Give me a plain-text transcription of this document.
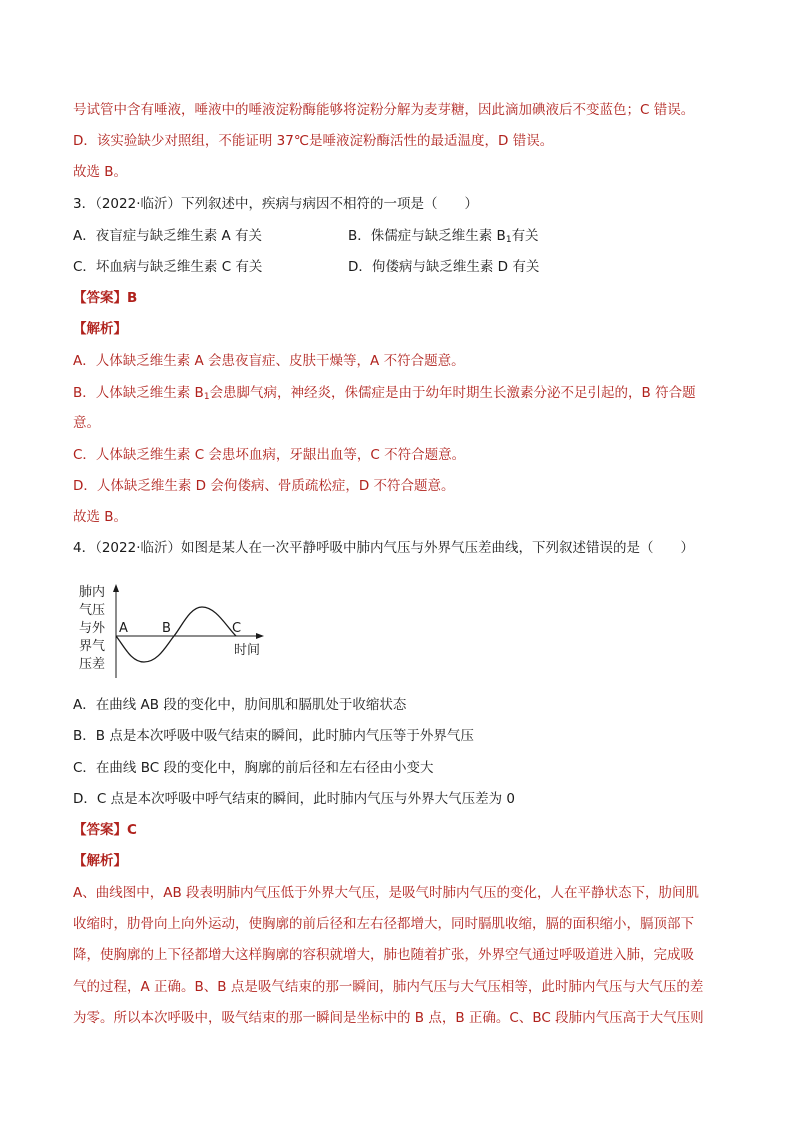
号试管中含有唾液，唾液中的唾液淀粉酶能够将淀粉分解为麦芽糖，因此滴加碘液后不变蓝色；C 错误。
D．该实验缺少对照组，不能证明 37℃是唾液淀粉酶活性的最适温度，D 错误。
故选 B。
3．（2022·临沂）下列叙述中，疾病与病因不相符的一项是（　　）
A．夜盲症与缺乏维生素 A 有关	B．侏儒症与缺乏维生素 $B_1$有关
C．坏血病与缺乏维生素 C 有关	D．佝偻病与缺乏维生素 D 有关
【答案】B
【解析】
A．人体缺乏维生素 A 会患夜盲症、皮肤干燥等，A 不符合题意。
B．人体缺乏维生素 $B_1$会患脚气病，神经炎，侏儒症是由于幼年时期生长激素分泌不足引起的，B 符合题
意。
C．人体缺乏维生素 C 会患坏血病，牙龈出血等，C 不符合题意。
D．人体缺乏维生素 D 会佝偻病、骨质疏松症，D 不符合题意。
故选 B。
4．（2022·临沂）如图是某人在一次平静呼吸中肺内气压与外界气压差曲线，下列叙述错误的是（　　）
肺内
气压
与外
界气
压差
A	B	C
时间
A．在曲线 AB 段的变化中，肋间肌和膈肌处于收缩状态
B．B 点是本次呼吸中吸气结束的瞬间，此时肺内气压等于外界气压
C．在曲线 BC 段的变化中，胸廓的前后径和左右径由小变大
D．C 点是本次呼吸中呼气结束的瞬间，此时肺内气压与外界大气压差为 0
【答案】C
【解析】
A、曲线图中，AB 段表明肺内气压低于外界大气压，是吸气时肺内气压的变化，人在平静状态下，肋间肌
收缩时，肋骨向上向外运动，使胸廓的前后径和左右径都增大，同时膈肌收缩，膈的面积缩小，膈顶部下
降，使胸廓的上下径都增大这样胸廓的容积就增大，肺也随着扩张，外界空气通过呼吸道进入肺，完成吸
气的过程，A 正确。B、B 点是吸气结束的那一瞬间，肺内气压与大气压相等，此时肺内气压与大气压的差
为零。所以本次呼吸中，吸气结束的那一瞬间是坐标中的 B 点，B 正确。C、BC 段肺内气压高于大气压则
